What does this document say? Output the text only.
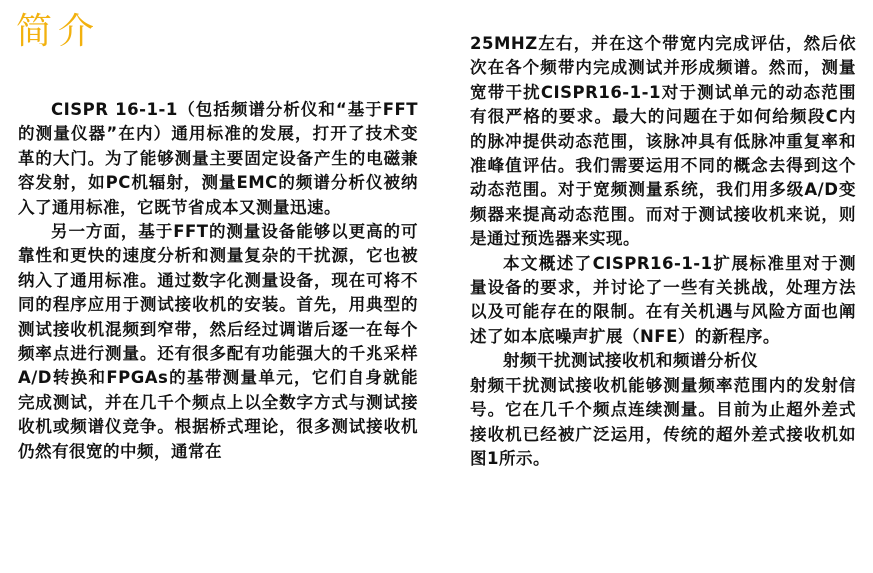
简介

CISPR 16-1-1（包括频谱分析仪和“基于FFT的测量仪器”在内）通用标准的发展，打开了技术变革的大门。为了能够测量主要固定设备产生的电磁兼容发射，如PC机辐射，测量EMC的频谱分析仪被纳入了通用标准，它既节省成本又测量迅速。

另一方面，基于FFT的测量设备能够以更高的可靠性和更快的速度分析和测量复杂的干扰源，它也被纳入了通用标准。通过数字化测量设备，现在可将不同的程序应用于测试接收机的安装。首先，用典型的测试接收机混频到窄带，然后经过调谐后逐一在每个频率点进行测量。还有很多配有功能强大的千兆采样A/D转换和FPGAs的基带测量单元，它们自身就能完成测试，并在几千个频点上以全数字方式与测试接收机或频谱仪竞争。根据桥式理论，很多测试接收机仍然有很宽的中频，通常在

25MHZ左右，并在这个带宽内完成评估，然后依次在各个频带内完成测试并形成频谱。然而，测量宽带干扰CISPR16-1-1对于测试单元的动态范围有很严格的要求。最大的问题在于如何给频段C内的脉冲提供动态范围，该脉冲具有低脉冲重复率和准峰值评估。我们需要运用不同的概念去得到这个动态范围。对于宽频测量系统，我们用多级A/D变频器来提高动态范围。而对于测试接收机来说，则是通过预选器来实现。

本文概述了CISPR16-1-1扩展标准里对于测量设备的要求，并讨论了一些有关挑战，处理方法以及可能存在的限制。在有关机遇与风险方面也阐述了如本底噪声扩展（NFE）的新程序。

射频干扰测试接收机和频谱分析仪

射频干扰测试接收机能够测量频率范围内的发射信号。它在几千个频点连续测量。目前为止超外差式接收机已经被广泛运用，传统的超外差式接收机如图1所示。
